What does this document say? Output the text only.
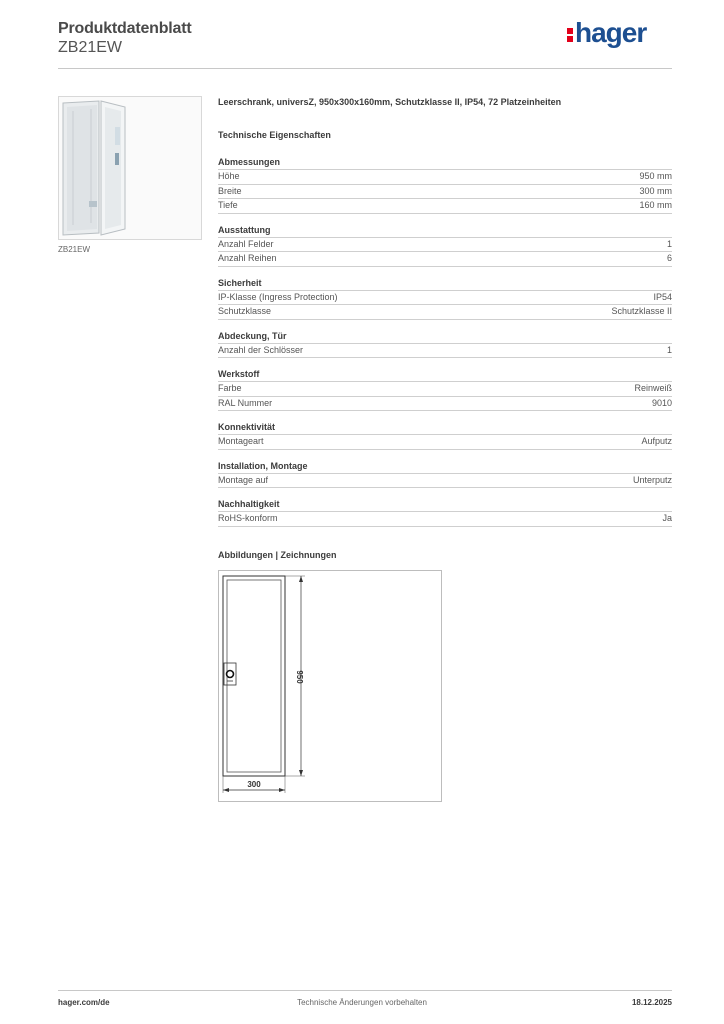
Produktdatenblatt
ZB21EW	hager
ZB21EW
Leerschrank, universZ, 950x300x160mm, Schutzklasse II, IP54, 72 Platzeinheiten
Technische Eigenschaften
Abmessungen
Höhe	950 mm
Breite	300 mm
Tiefe	160 mm
Ausstattung
Anzahl Felder	1
Anzahl Reihen	6
Sicherheit
IP-Klasse (Ingress Protection)	IP54
Schutzklasse	Schutzklasse II
Abdeckung, Tür
Anzahl der Schlösser	1
Werkstoff
Farbe	Reinweiß
RAL Nummer	9010
Konnektivität
Montageart	Aufputz
Installation, Montage
Montage auf	Unterputz
Nachhaltigkeit
RoHS-konform	Ja
Abbildungen | Zeichnungen
950
300
hager.com/de	Technische Änderungen vorbehalten	18.12.2025
